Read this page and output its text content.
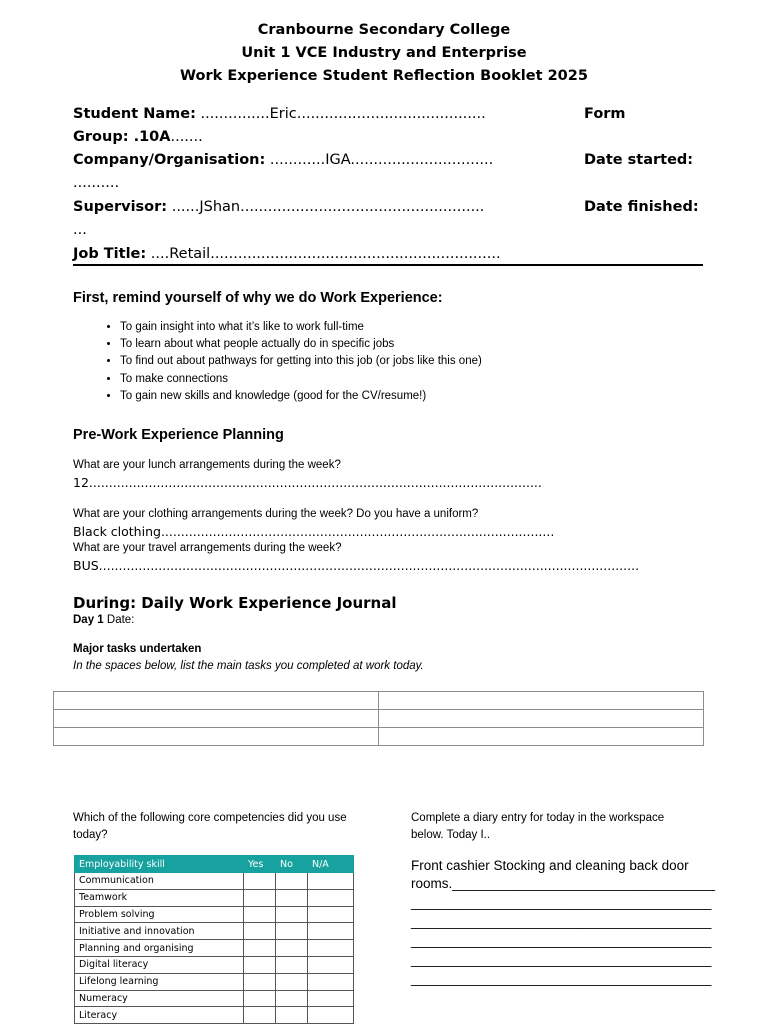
Cranbourne Secondary College
Unit 1 VCE Industry and Enterprise
Work Experience Student Reflection Booklet 2025
Student Name: ...............Eric.........................................	Form
Group: .10A.......
Company/Organisation: ............IGA...............................	Date started:
..........
Supervisor: ......JShan.....................................................	Date finished:
...
Job Title: ....Retail...............................................................
First, remind yourself of why we do Work Experience:
• To gain insight into what it’s like to work full-time
• To learn about what people actually do in specific jobs
• To find out about pathways for getting into this job (or jobs like this one)
• To make connections
• To gain new skills and knowledge (good for the CV/resume!)
Pre-Work Experience Planning
What are your lunch arrangements during the week?
12..................................................................................................................
What are your clothing arrangements during the week? Do you have a uniform?
Black clothing...................................................................................................
What are your travel arrangements during the week?
BUS........................................................................................................................................
During: Daily Work Experience Journal
Day 1 Date:
Major tasks undertaken
In the spaces below, list the main tasks you completed at work today.

Which of the following core competencies did you use
today?
Employability skill	Yes	No	N/A
Communication			
Teamwork			
Problem solving			
Initiative and innovation			
Planning and organising			
Digital literacy			
Lifelong learning			
Numeracy			
Literacy			
Complete a diary entry for today in the workspace
below. Today I..
Front cashier Stocking and cleaning back door
rooms.___________________________________
________________________________________
________________________________________
________________________________________
________________________________________
________________________________________
